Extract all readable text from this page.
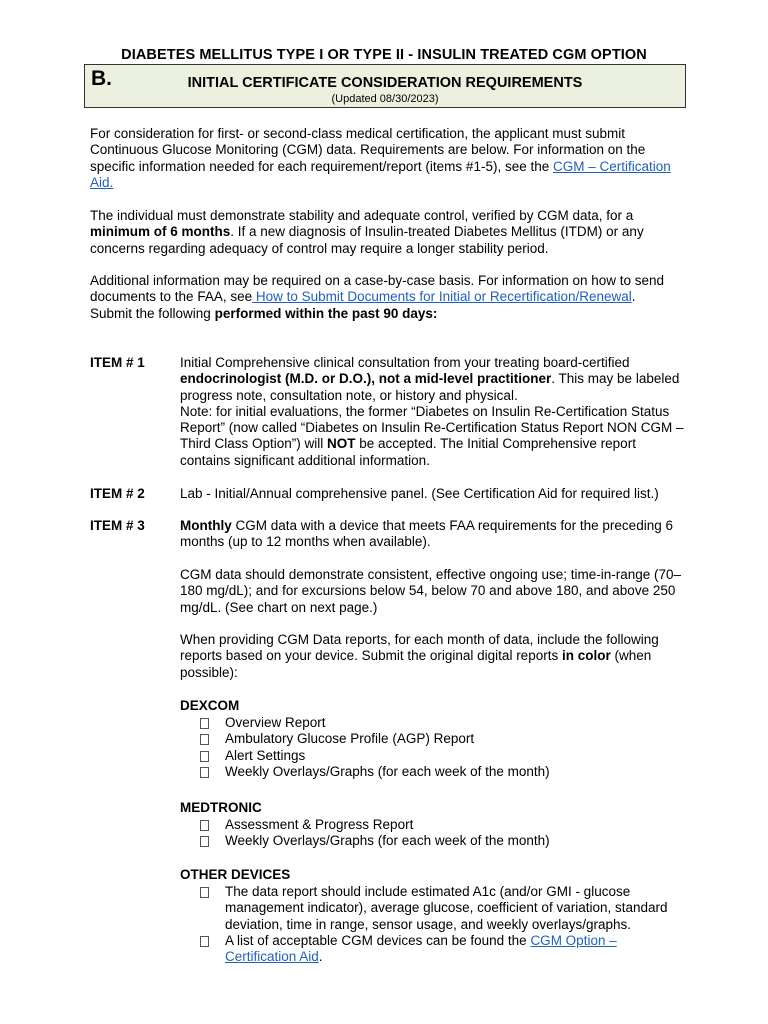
DIABETES MELLITUS TYPE I OR TYPE II - INSULIN TREATED CGM OPTION
B.	INITIAL CERTIFICATE CONSIDERATION REQUIREMENTS
(Updated 08/30/2023)
For consideration for first- or second-class medical certification, the applicant must submit Continuous Glucose Monitoring (CGM) data. Requirements are below. For information on the specific information needed for each requirement/report (items #1-5), see the CGM – Certification Aid.
The individual must demonstrate stability and adequate control, verified by CGM data, for a minimum of 6 months. If a new diagnosis of Insulin-treated Diabetes Mellitus (ITDM) or any concerns regarding adequacy of control may require a longer stability period.
Additional information may be required on a case-by-case basis. For information on how to send documents to the FAA, see How to Submit Documents for Initial or Recertification/Renewal.
Submit the following performed within the past 90 days:
ITEM # 1	Initial Comprehensive clinical consultation from your treating board-certified endocrinologist (M.D. or D.O.), not a mid-level practitioner. This may be labeled progress note, consultation note, or history and physical.
Note: for initial evaluations, the former “Diabetes on Insulin Re-Certification Status Report” (now called “Diabetes on Insulin Re-Certification Status Report NON CGM – Third Class Option”) will NOT be accepted. The Initial Comprehensive report contains significant additional information.
ITEM # 2	Lab - Initial/Annual comprehensive panel. (See Certification Aid for required list.)
ITEM # 3	Monthly CGM data with a device that meets FAA requirements for the preceding 6 months (up to 12 months when available).
CGM data should demonstrate consistent, effective ongoing use; time-in-range (70–180 mg/dL); and for excursions below 54, below 70 and above 180, and above 250 mg/dL. (See chart on next page.)
When providing CGM Data reports, for each month of data, include the following reports based on your device. Submit the original digital reports in color (when possible):
DEXCOM
Overview Report
Ambulatory Glucose Profile (AGP) Report
Alert Settings
Weekly Overlays/Graphs (for each week of the month)
MEDTRONIC
Assessment & Progress Report
Weekly Overlays/Graphs (for each week of the month)
OTHER DEVICES
The data report should include estimated A1c (and/or GMI - glucose management indicator), average glucose, coefficient of variation, standard deviation, time in range, sensor usage, and weekly overlays/graphs.
A list of acceptable CGM devices can be found the CGM Option – Certification Aid.
